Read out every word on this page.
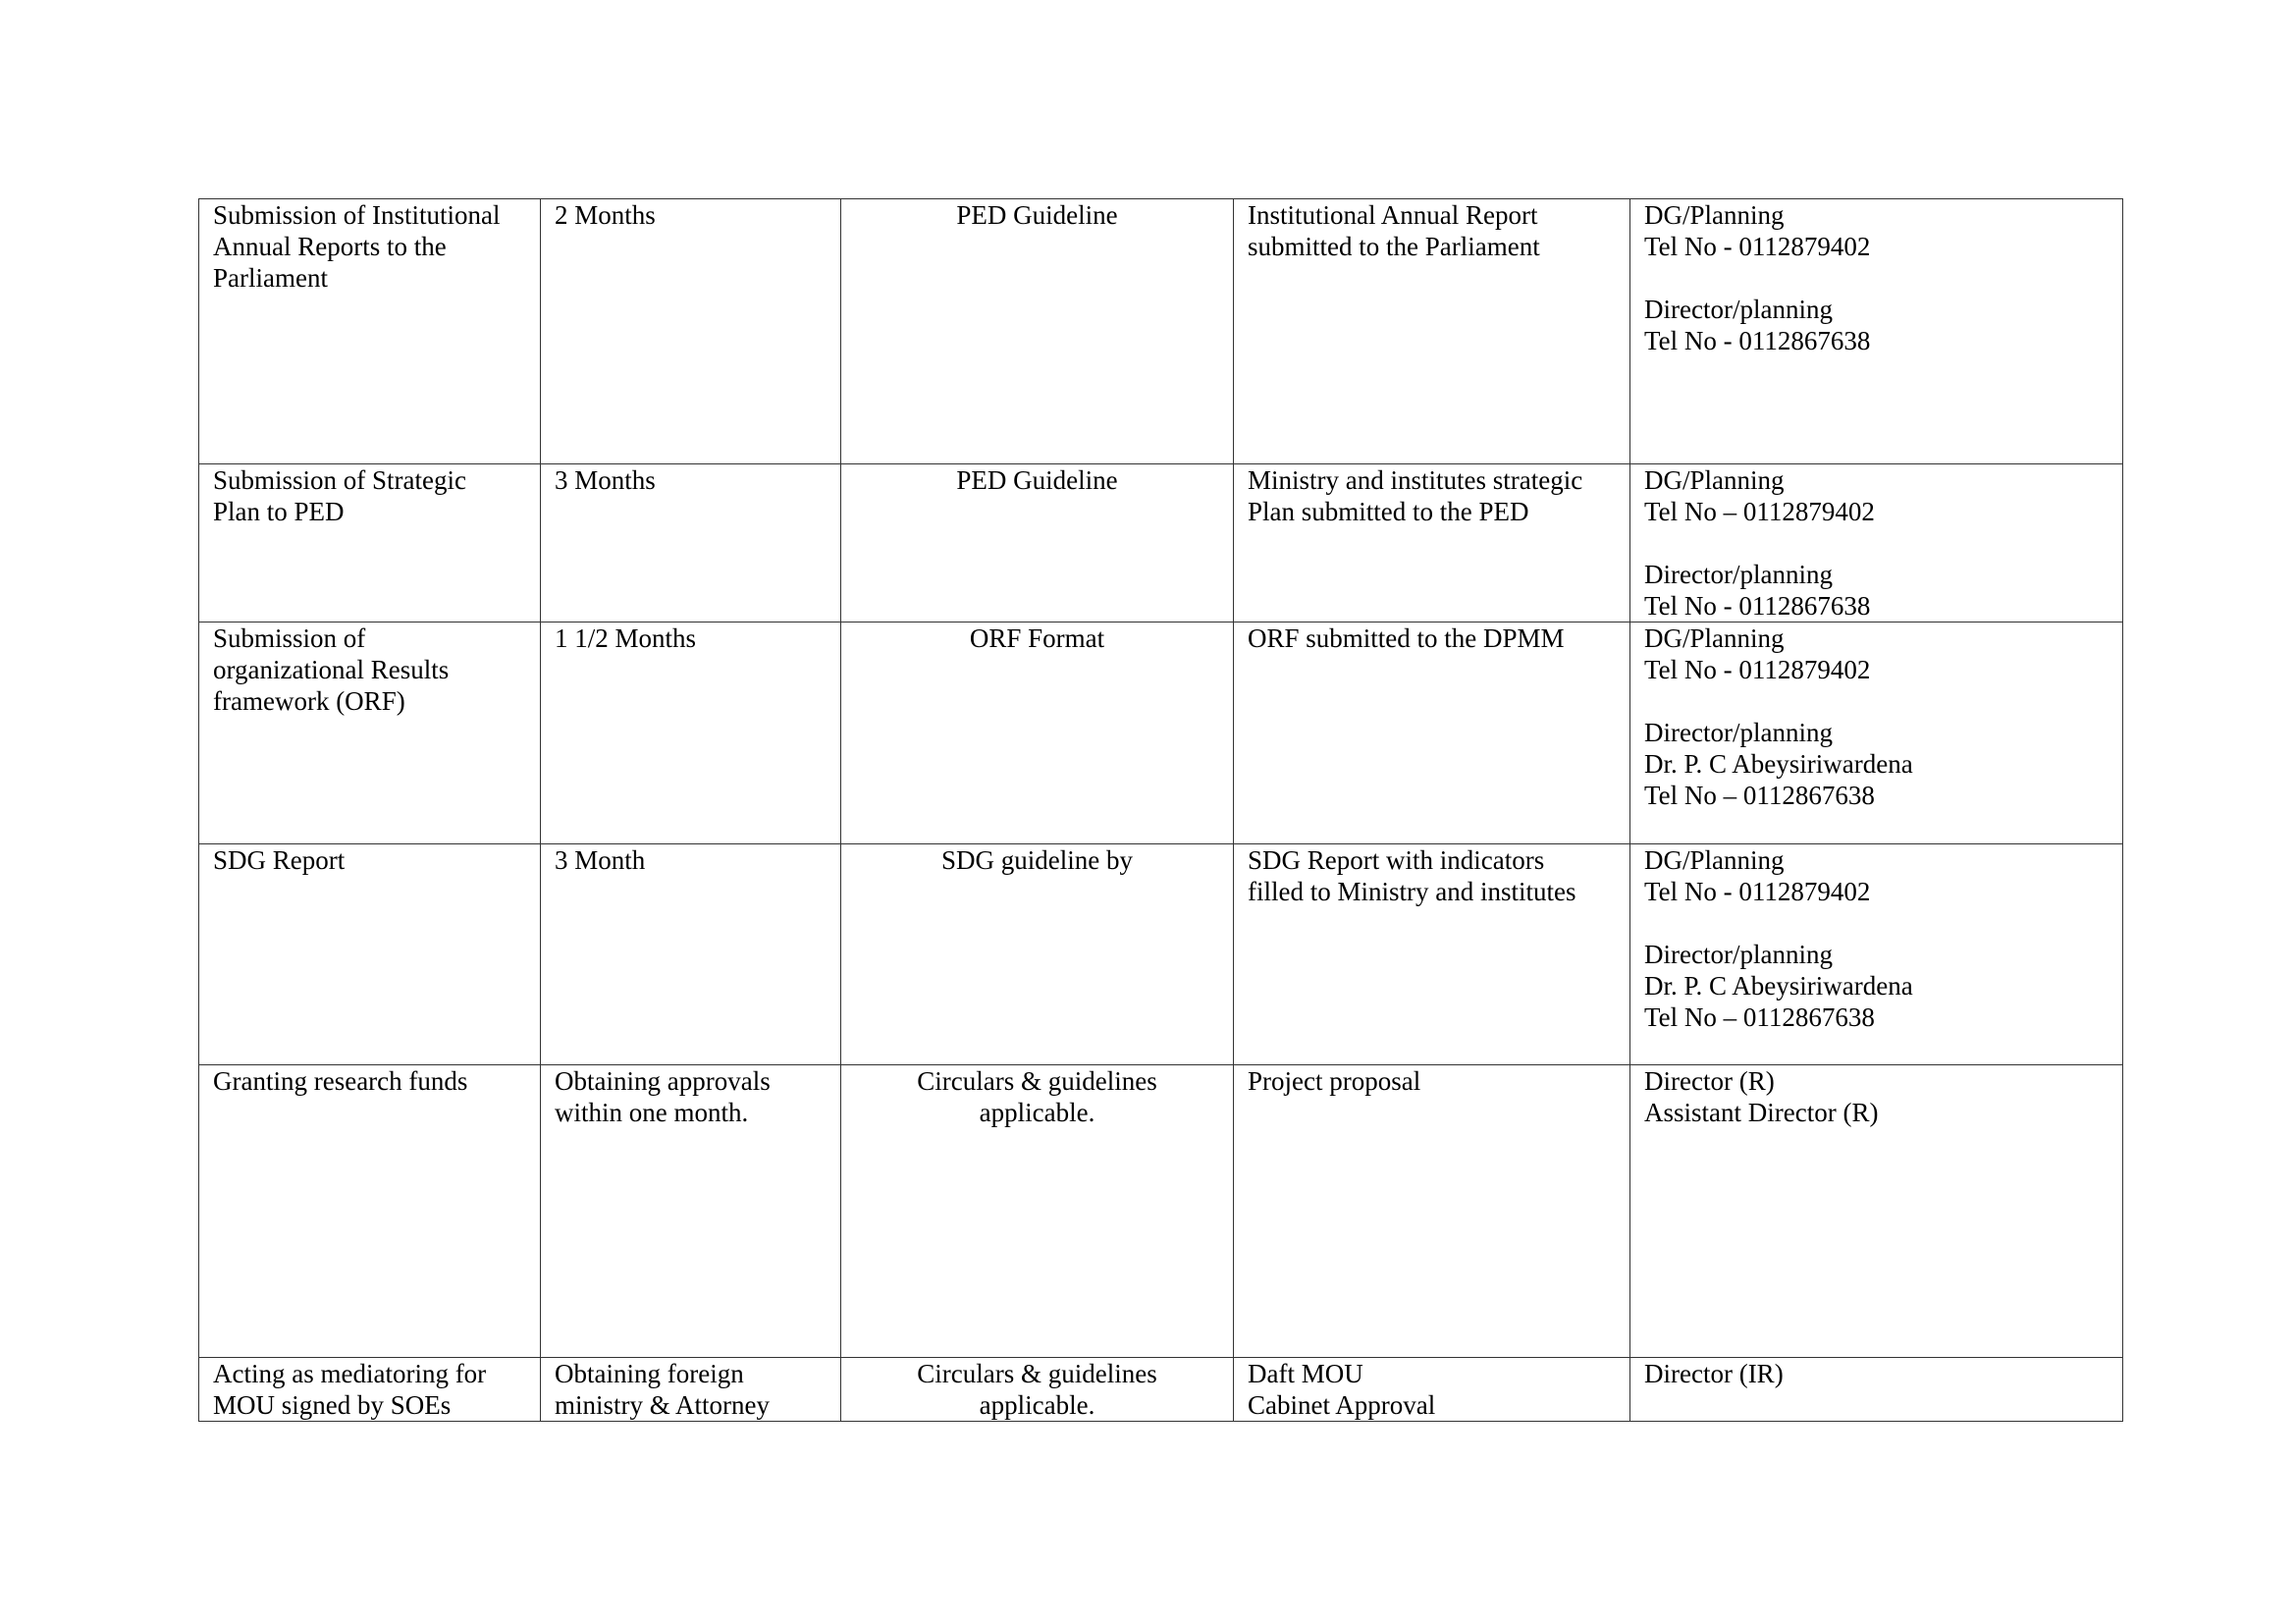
Submission of Institutional
Annual Reports to the
Parliament	2 Months	PED Guideline	Institutional Annual Report
submitted to the Parliament	DG/Planning
Tel No - 0112879402
Director/planning
Tel No - 0112867638

Submission of Strategic
Plan to PED	3 Months	PED Guideline	Ministry and institutes strategic
Plan submitted to the PED	DG/Planning
Tel No – 0112879402
Director/planning
Tel No - 0112867638

Submission of
organizational Results
framework (ORF)	1 1/2 Months	ORF Format	ORF submitted to the DPMM	DG/Planning
Tel No - 0112879402
Director/planning
Dr. P. C Abeysiriwardena
Tel No – 0112867638

SDG Report	3 Month	SDG guideline by	SDG Report with indicators
filled to Ministry and institutes	DG/Planning
Tel No - 0112879402
Director/planning
Dr. P. C Abeysiriwardena
Tel No – 0112867638

Granting research funds	Obtaining approvals
within one month.	Circulars & guidelines
applicable.	Project proposal	Director (R)
Assistant Director (R)

Acting as mediatoring for
MOU signed by SOEs	Obtaining foreign
ministry & Attorney	Circulars & guidelines
applicable.	Daft MOU
Cabinet Approval	Director (IR)
